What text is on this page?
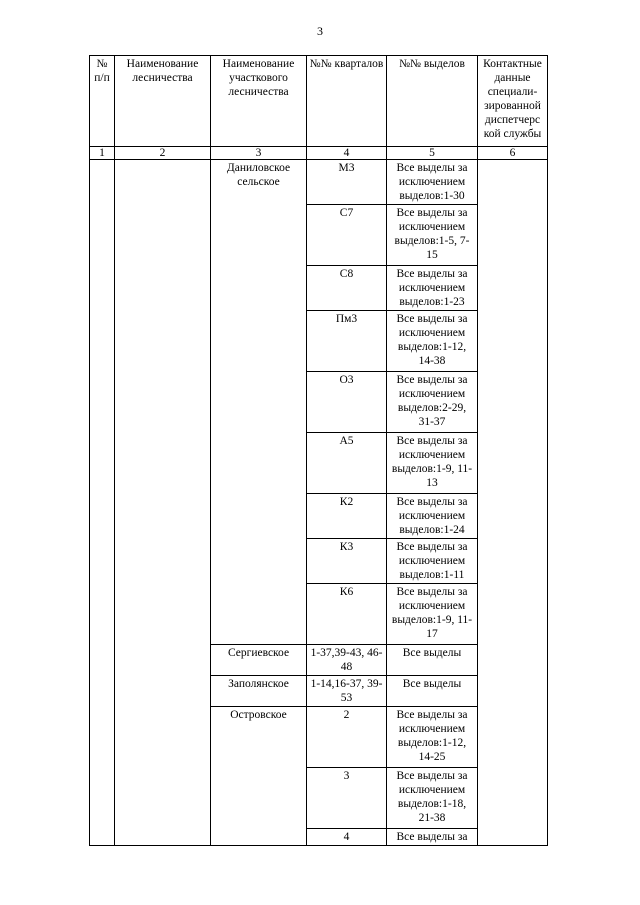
3
№ п/п	Наименование лесничества	Наименование участкового лесничества	№№ кварталов	№№ выделов	Контактные данные специали-зированной диспетчерс кой службы
1	2	3	4	5	6
		Даниловское сельское	М3	Все выделы за исключением выделов:1-30	
			С7	Все выделы за исключением выделов:1-5, 7-15	
			С8	Все выделы за исключением выделов:1-23	
			Пм3	Все выделы за исключением выделов:1-12, 14-38	
			О3	Все выделы за исключением выделов:2-29, 31-37	
			А5	Все выделы за исключением выделов:1-9, 11-13	
			К2	Все выделы за исключением выделов:1-24	
			К3	Все выделы за исключением выделов:1-11	
			К6	Все выделы за исключением выделов:1-9, 11-17	
		Сергиевское	1-37,39-43, 46-48	Все выделы	
		Заполянское	1-14,16-37, 39-53	Все выделы	
		Островское	2	Все выделы за исключением выделов:1-12, 14-25	
			3	Все выделы за исключением выделов:1-18, 21-38	
			4	Все выделы за	
